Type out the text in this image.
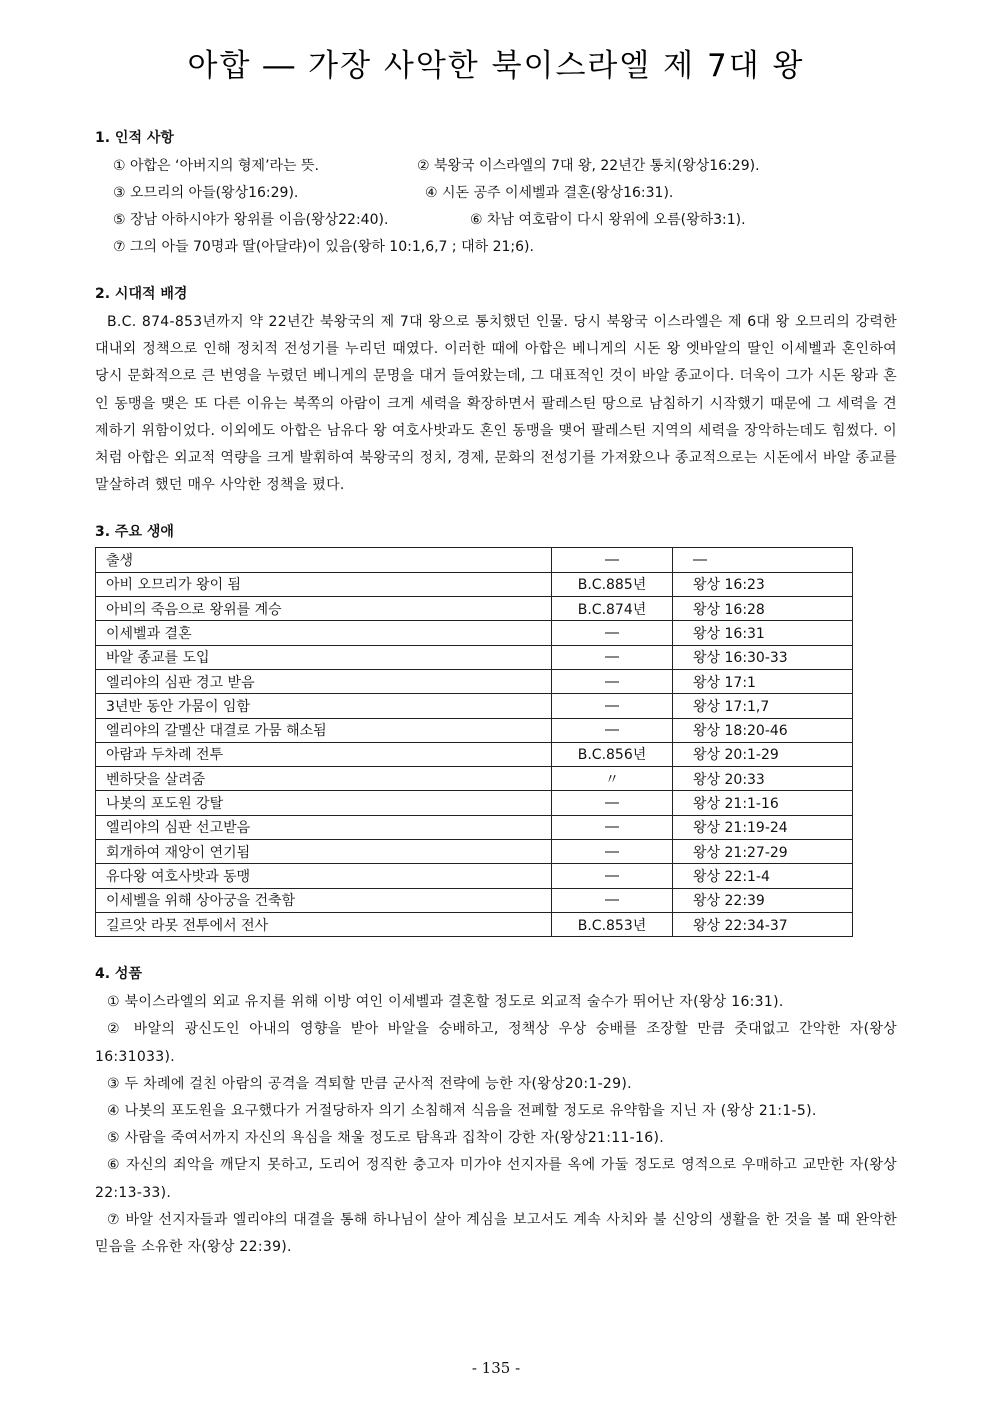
아합 ― 가장 사악한 북이스라엘 제 7대 왕
1. 인적 사항
① 아합은 ‘아버지의 형제’라는 뜻.	② 북왕국 이스라엘의 7대 왕, 22년간 통치(왕상16:29).
③ 오므리의 아들(왕상16:29).	④ 시돈 공주 이세벨과 결혼(왕상16:31).
⑤ 장남 아하시야가 왕위를 이음(왕상22:40).	⑥ 차남 여호람이 다시 왕위에 오름(왕하3:1).
⑦ 그의 아들 70명과 딸(아달랴)이 있음(왕하 10:1,6,7 ; 대하 21;6).
2. 시대적 배경

B.C. 874-853년까지 약 22년간 북왕국의 제 7대 왕으로 통치했던 인물. 당시 북왕국 이스라엘은 제 6대 왕 오므리의 강력한 대내외 정책으로 인해 정치적 전성기를 누리던 때였다. 이러한 때에 아합은 베니게의 시돈 왕 엣바알의 딸인 이세벨과 혼인하여 당시 문화적으로 큰 번영을 누렸던 베니게의 문명을 대거 들여왔는데, 그 대표적인 것이 바알 종교이다. 더욱이 그가 시돈 왕과 혼인 동맹을 맺은 또 다른 이유는 북쪽의 아람이 크게 세력을 확장하면서 팔레스틴 땅으로 남침하기 시작했기 때문에 그 세력을 견제하기 위함이었다. 이외에도 아합은 남유다 왕 여호사밧과도 혼인 동맹을 맺어 팔레스틴 지역의 세력을 장악하는데도 힘썼다. 이처럼 아합은 외교적 역량을 크게 발휘하여 북왕국의 정치, 경제, 문화의 전성기를 가져왔으나 종교적으로는 시돈에서 바알 종교를 말살하려 했던 매우 사악한 정책을 폈다.

3. 주요 생애
출생	―	―
아비 오므리가 왕이 됨	B.C.885년	왕상 16:23
아비의 죽음으로 왕위를 계승	B.C.874년	왕상 16:28
이세벨과 결혼	―	왕상 16:31
바알 종교를 도입	―	왕상 16:30-33
엘리야의 심판 경고 받음	―	왕상 17:1
3년반 동안 가뭄이 임함	―	왕상 17:1,7
엘리야의 갈멜산 대결로 가뭄 해소됨	―	왕상 18:20-46
아람과 두차례 전투	B.C.856년	왕상 20:1-29
벤하닷을 살려줌	〃	왕상 20:33
나봇의 포도원 강탈	―	왕상 21:1-16
엘리야의 심판 선고받음	―	왕상 21:19-24
회개하여 재앙이 연기됨	―	왕상 21:27-29
유다왕 여호사밧과 동맹	―	왕상 22:1-4
이세벨을 위해 상아궁을 건축함	―	왕상 22:39
길르앗 라못 전투에서 전사	B.C.853년	왕상 22:34-37
4. 성품

① 북이스라엘의 외교 유지를 위해 이방 여인 이세벨과 결혼할 정도로 외교적 술수가 뛰어난 자(왕상 16:31).

② 바알의 광신도인 아내의 영향을 받아 바알을 숭배하고, 정책상 우상 숭배를 조장할 만큼 줏대없고 간악한 자(왕상16:31033).

③ 두 차례에 걸친 아람의 공격을 격퇴할 만큼 군사적 전략에 능한 자(왕상20:1-29).

④ 나봇의 포도원을 요구했다가 거절당하자 의기 소침해져 식음을 전폐할 정도로 유약함을 지닌 자 (왕상 21:1-5).

⑤ 사람을 죽여서까지 자신의 욕심을 채울 정도로 탐욕과 집착이 강한 자(왕상21:11-16).

⑥ 자신의 죄악을 깨닫지 못하고, 도리어 정직한 충고자 미가야 선지자를 옥에 가둘 정도로 영적으로 우매하고 교만한 자(왕상22:13-33).

⑦ 바알 선지자들과 엘리야의 대결을 통해 하나님이 살아 계심을 보고서도 계속 사치와 불 신앙의 생활을 한 것을 볼 때 완악한 믿음을 소유한 자(왕상 22:39).

- 135 -
